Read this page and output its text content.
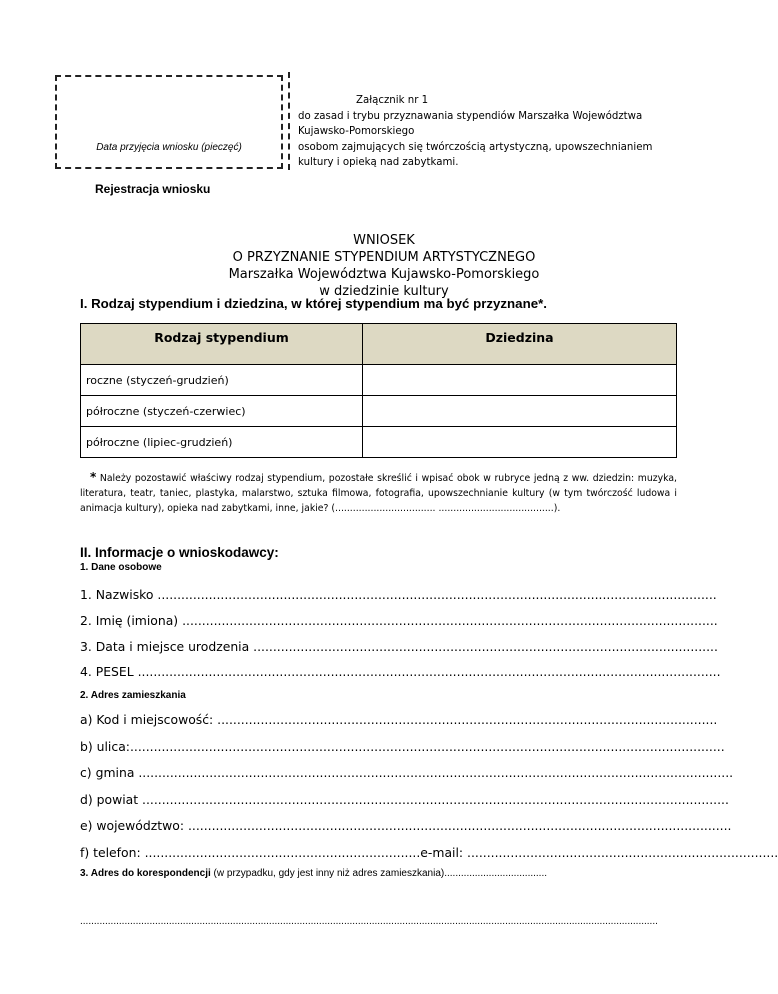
Data przyjęcia wniosku (pieczęć)
Załącznik nr 1
do zasad i trybu przyznawania stypendiów Marszałka Województwa
Kujawsko-Pomorskiego
osobom zajmujących się twórczością artystyczną, upowszechnianiem
kultury i opieką nad zabytkami.
Rejestracja wniosku
WNIOSEK
O PRZYZNANIE STYPENDIUM ARTYSTYCZNEGO
Marszałka Województwa Kujawsko-Pomorskiego
w dziedzinie kultury
I. Rodzaj stypendium i dziedzina, w której stypendium ma być przyznane*.
Rodzaj stypendium	Dziedzina
roczne (styczeń-grudzień)	
półroczne (styczeń-czerwiec)	
półroczne (lipiec-grudzień)	
* Należy pozostawić właściwy rodzaj stypendium, pozostałe skreślić i wpisać obok w rubryce jedną z ww. dziedzin: muzyka, literatura, teatr, taniec, plastyka, malarstwo, sztuka filmowa, fotografia, upowszechnianie kultury (w tym twórczość ludowa i animacja kultury), opieka nad zabytkami, inne, jakie? (.................................. .......................................).
II. Informacje o wnioskodawcy:
1. Dane osobowe
1. Nazwisko ..............................................................................................................................................
2. Imię (imiona) ........................................................................................................................................
3. Data i miejsce urodzenia ......................................................................................................................
4. PESEL ....................................................................................................................................................
2. Adres zamieszkania
a) Kod i miejscowość: ...............................................................................................................................
b) ulica:.......................................................................................................................................................
c) gmina .......................................................................................................................................................
d) powiat .....................................................................................................................................................
e) województwo: ..........................................................................................................................................
f) telefon: ......................................................................e-mail: ...............................................................................
3. Adres do korespondencji (w przypadku, gdy jest inny niż adres zamieszkania).....................................
................................................................................................................................................................................................................
